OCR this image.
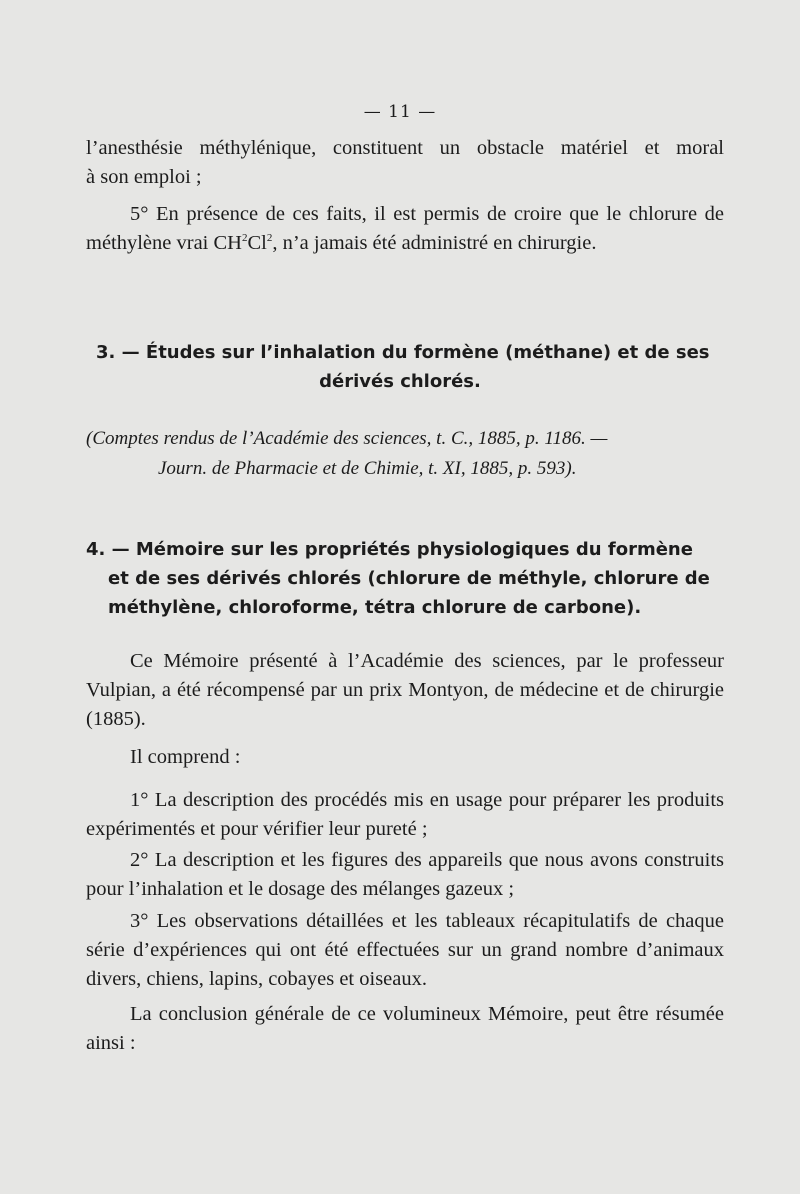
— 11 —
l’anesthésie méthylénique, constituent un obstacle matériel et moral
à son emploi ;

5° En présence de ces faits, il est permis de croire que le chlorure de méthylène vrai $CH^2Cl^2$, n’a jamais été administré en chirurgie.

3. — Études sur l’inhalation du formène (méthane) et de ses
dérivés chlorés.
(Comptes rendus de l’Académie des sciences, t. C., 1885, p. 1186. —
Journ. de Pharmacie et de Chimie, t. XI, 1885, p. 593).
4. — Mémoire sur les propriétés physiologiques du formène
et de ses dérivés chlorés (chlorure de méthyle, chlorure de
méthylène, chloroforme, tétra chlorure de carbone).

Ce Mémoire présenté à l’Académie des sciences, par le professeur Vulpian, a été récompensé par un prix Montyon, de médecine et de chirurgie (1885).

Il comprend :

1° La description des procédés mis en usage pour préparer les produits expérimentés et pour vérifier leur pureté ;

2° La description et les figures des appareils que nous avons construits pour l’inhalation et le dosage des mélanges gazeux ;

3° Les observations détaillées et les tableaux récapitulatifs de chaque série d’expériences qui ont été effectuées sur un grand nombre d’animaux divers, chiens, lapins, cobayes et oiseaux.

La conclusion générale de ce volumineux Mémoire, peut être résumée ainsi :
